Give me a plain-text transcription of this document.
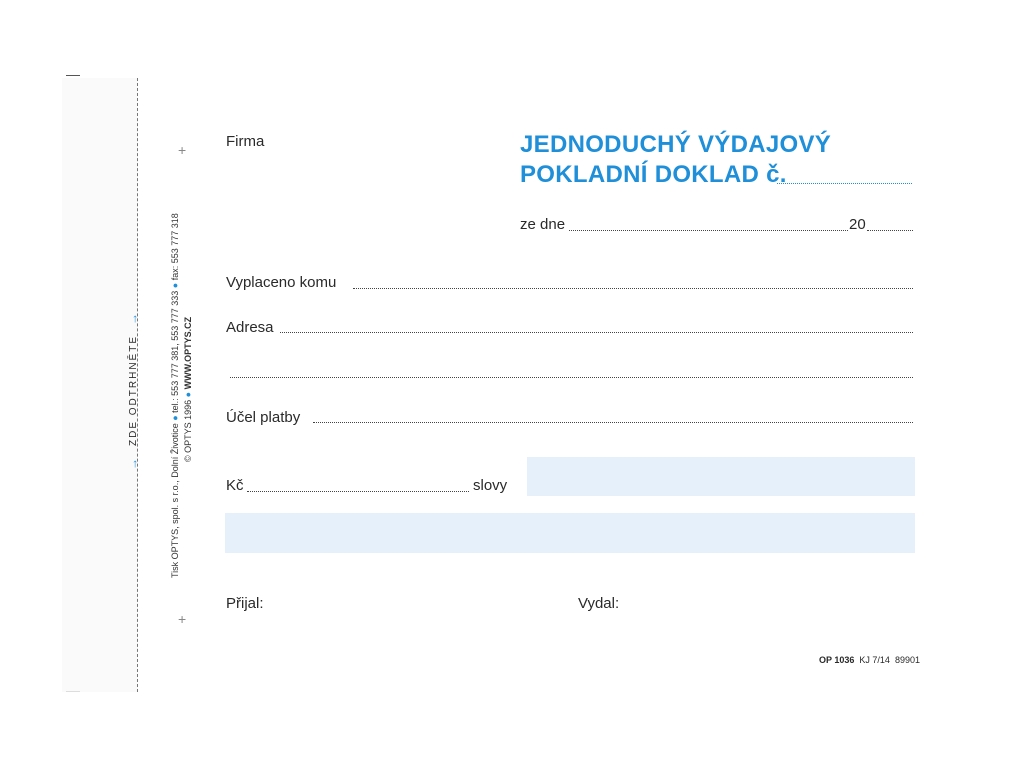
→
ZDE ODTRHNĚTE
→
Tisk OPTYS, spol. s r.o., Dolní Životice ● tel.: 553 777 381, 553 777 333 ● fax: 553 777 318
© OPTYS 1996 ● WWW.OPTYS.CZ
+
+
Firma	JEDNODUCHÝ VÝDAJOVÝ
POKLADNÍ DOKLAD č.
ze dne	20
Vyplaceno komu
Adresa
Účel platby
Kč	slovy
Přijal:	Vydal:
OP 1036 KJ 7/14 89901
